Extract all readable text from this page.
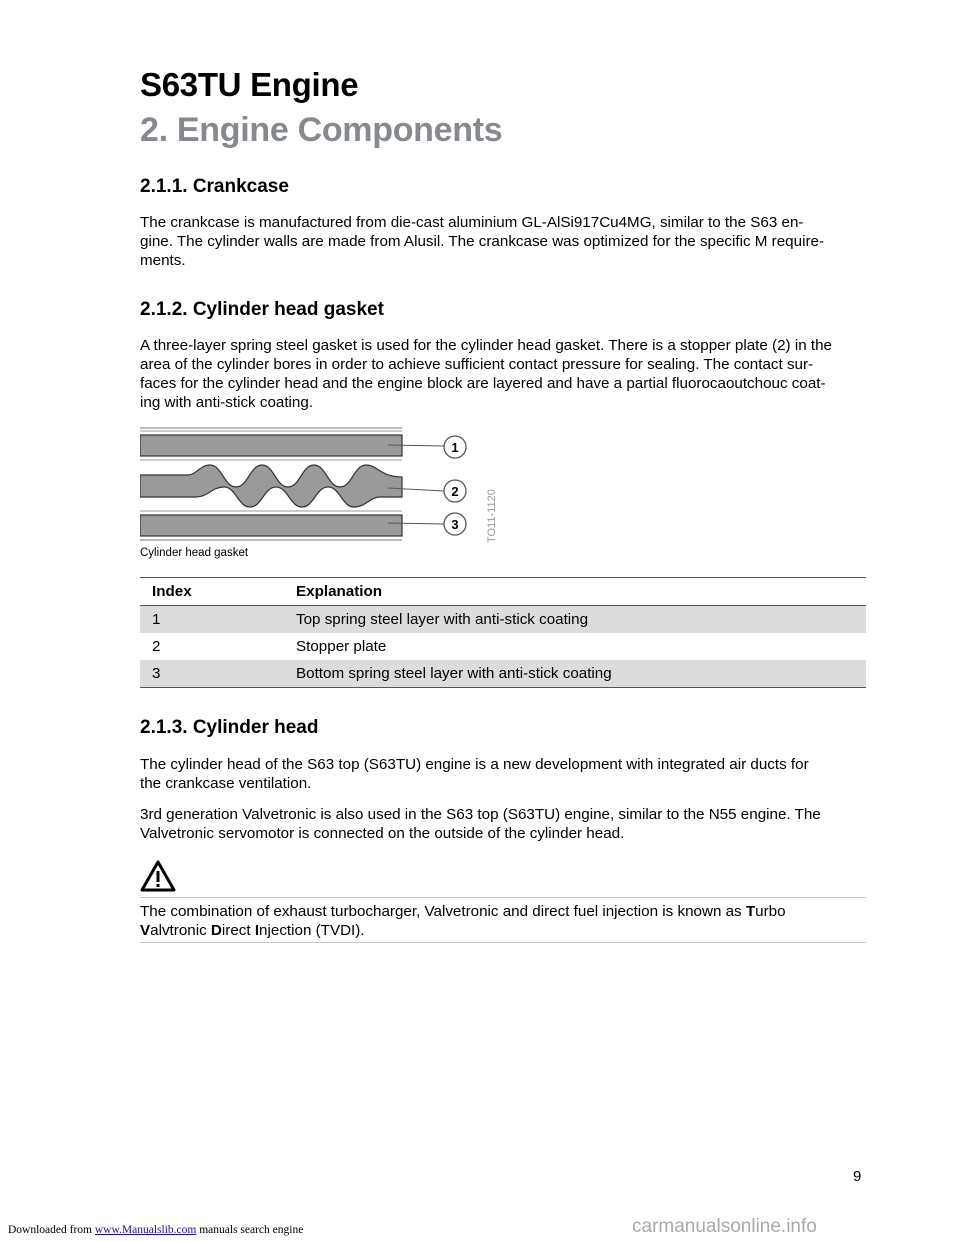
S63TU Engine
2. Engine Components
2.1.1. Crankcase
The crankcase is manufactured from die-cast aluminium GL-AlSi917Cu4MG, similar to the S63 en-
gine. The cylinder walls are made from Alusil. The crankcase was optimized for the specific M require-
ments.
2.1.2. Cylinder head gasket
A three-layer spring steel gasket is used for the cylinder head gasket. There is a stopper plate (2) in the
area of the cylinder bores in order to achieve sufficient contact pressure for sealing. The contact sur-
faces for the cylinder head and the engine block are layered and have a partial fluorocaoutchouc coat-
ing with anti-stick coating.
1
2
3 TO11-1120
Cylinder head gasket
Index	Explanation
1	Top spring steel layer with anti-stick coating
2	Stopper plate
3	Bottom spring steel layer with anti-stick coating
2.1.3. Cylinder head
The cylinder head of the S63 top (S63TU) engine is a new development with integrated air ducts for
the crankcase ventilation.
3rd generation Valvetronic is also used in the S63 top (S63TU) engine, similar to the N55 engine. The
Valvetronic servomotor is connected on the outside of the cylinder head.
The combination of exhaust turbocharger, Valvetronic and direct fuel injection is known as Turbo
Valvtronic Direct Injection (TVDI).
9
Downloaded from www.Manualslib.com manuals search engine	carmanualsonline.info
